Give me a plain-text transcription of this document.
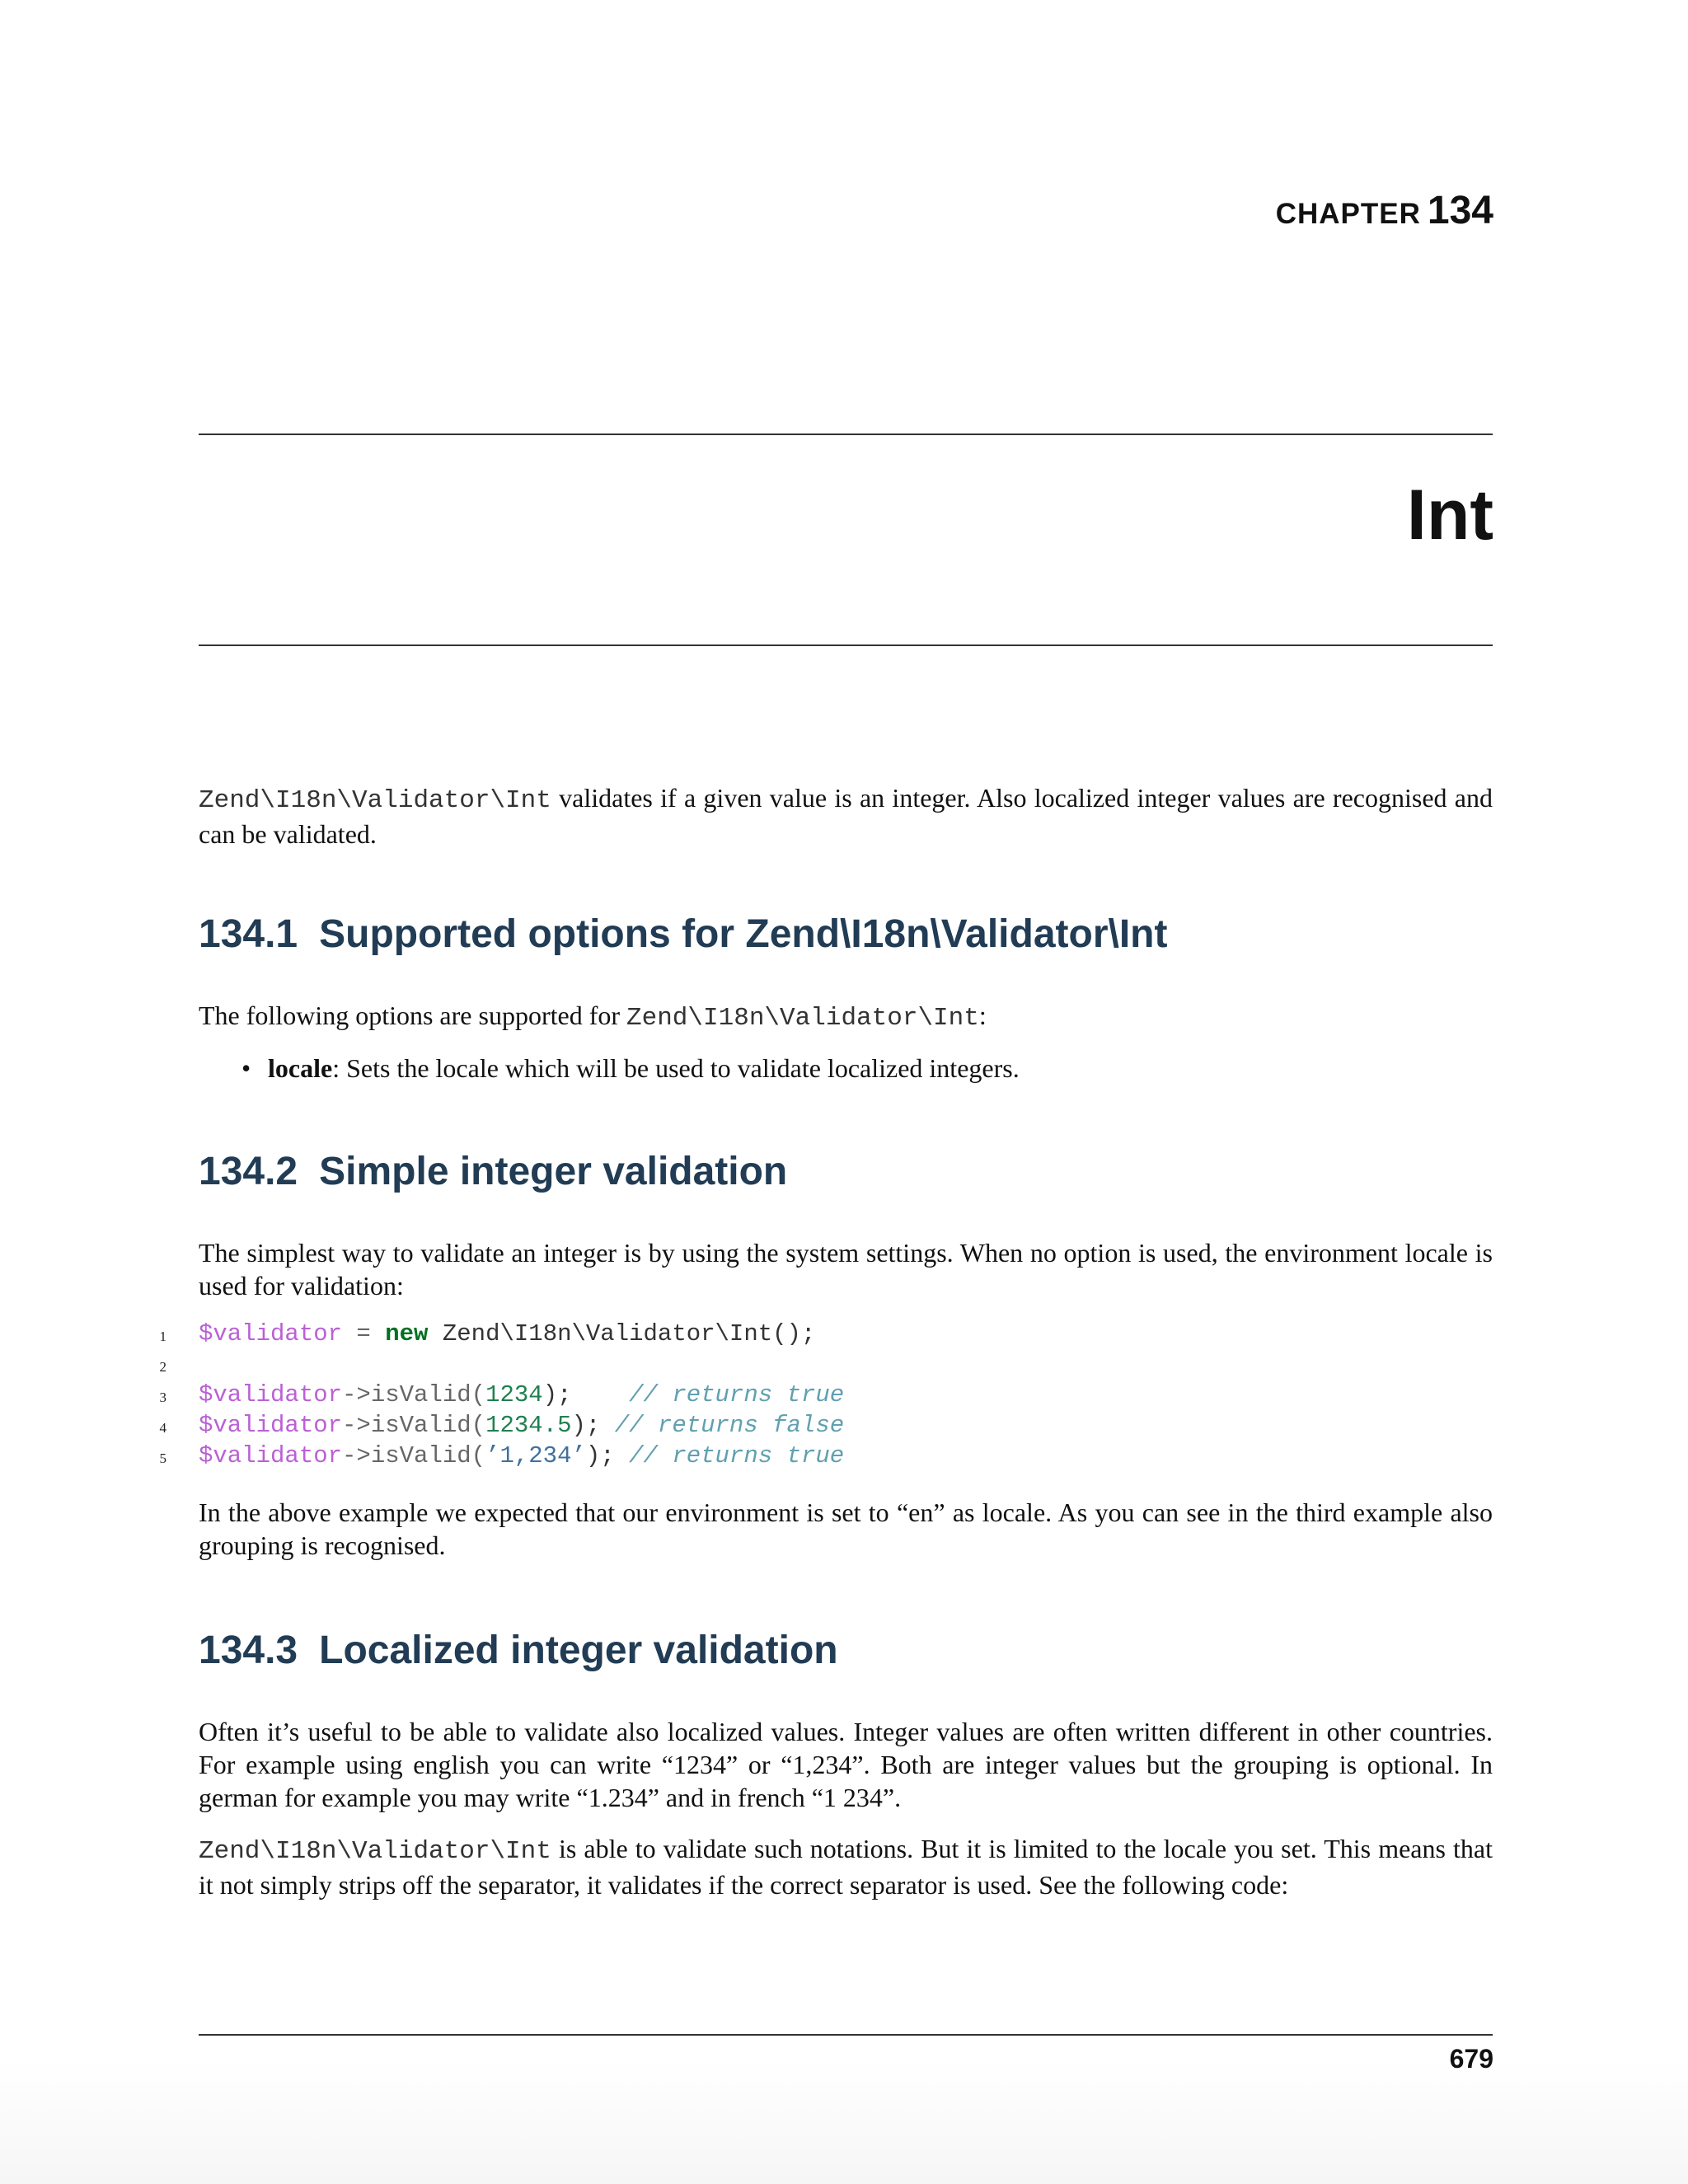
CHAPTER 134
Int

Zend\I18n\Validator\Int validates if a given value is an integer. Also localized integer values are recognised and can be validated.

134.1 Supported options for Zend\I18n\Validator\Int

The following options are supported for Zend\I18n\Validator\Int:

• locale: Sets the locale which will be used to validate localized integers.
134.2 Simple integer validation

The simplest way to validate an integer is by using the system settings. When no option is used, the environment locale is used for validation:

1 $validator = new Zend\I18n\Validator\Int();
2
3 $validator->isValid(1234);    // returns true
4 $validator->isValid(1234.5); // returns false
5 $validator->isValid(’1,234’); // returns true

In the above example we expected that our environment is set to “en” as locale. As you can see in the third example also grouping is recognised.

134.3 Localized integer validation

Often it’s useful to be able to validate also localized values. Integer values are often written different in other countries. For example using english you can write “1234” or “1,234”. Both are integer values but the grouping is optional. In german for example you may write “1.234” and in french “1 234”.

Zend\I18n\Validator\Int is able to validate such notations. But it is limited to the locale you set. This means that it not simply strips off the separator, it validates if the correct separator is used. See the following code:

679
